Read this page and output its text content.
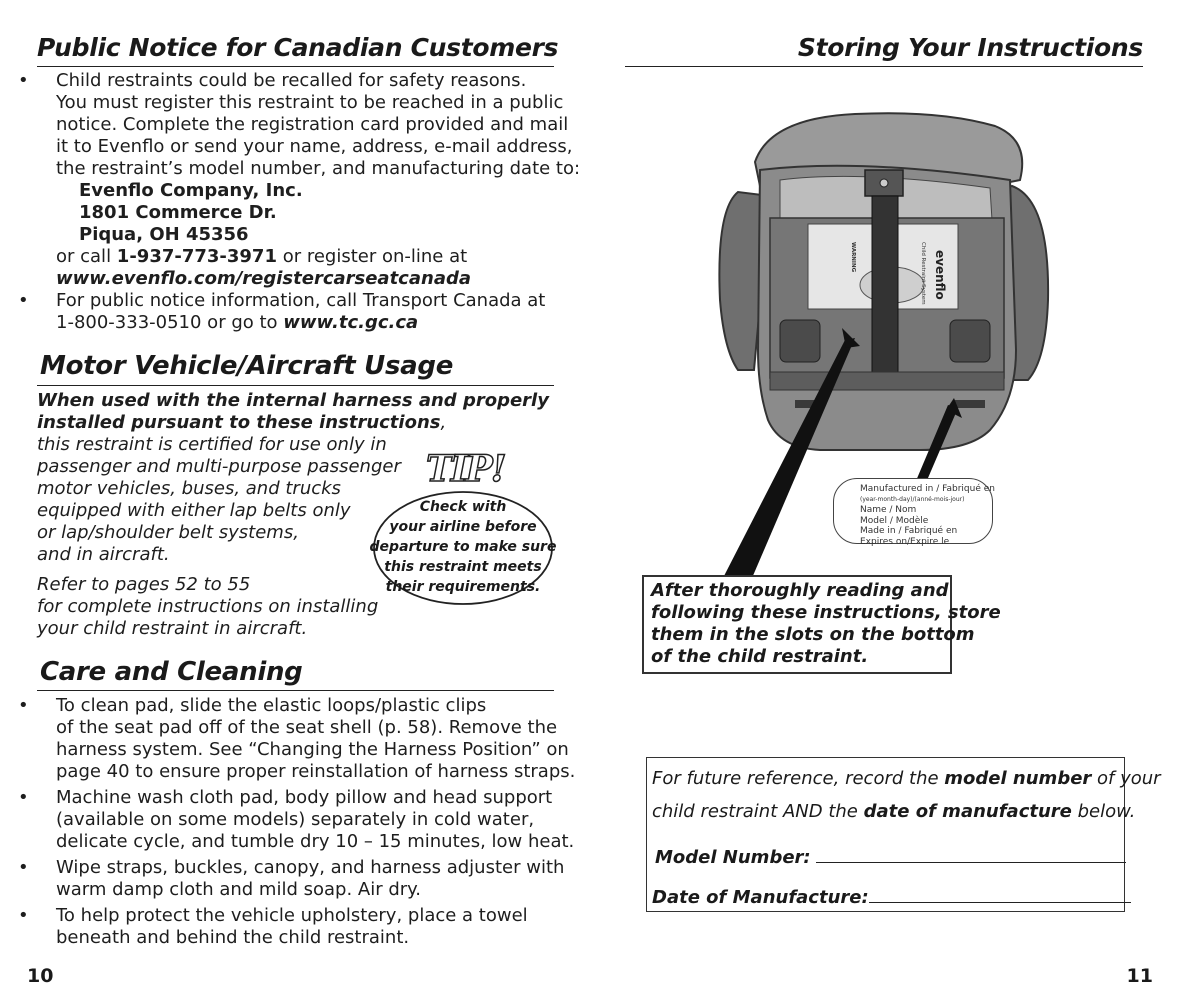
Public Notice for Canadian Customers
• Child restraints could be recalled for safety reasons.
You must register this restraint to be reached in a public
notice. Complete the registration card provided and mail
it to Evenflo or send your name, address, e-mail address,
the restraint’s model number, and manufacturing date to:
Evenflo Company, Inc.
1801 Commerce Dr.
Piqua, OH 45356
or call 1-937-773-3971 or register on-line at
www.evenflo.com/registercarseatcanada
• For public notice information, call Transport Canada at
1-800-333-0510 or go to www.tc.gc.ca
Motor Vehicle/Aircraft Usage
When used with the internal harness and properly
installed pursuant to these instructions,
this restraint is certified for use only in
passenger and multi-purpose passenger
motor vehicles, buses, and trucks
equipped with either lap belts only
or lap/shoulder belt systems,
and in aircraft.
Refer to pages 52 to 55
for complete instructions on installing
your child restraint in aircraft.
TIP!
Check with
your airline before
departure to make sure
this restraint meets
their requirements.
Care and Cleaning
• To clean pad, slide the elastic loops/plastic clips
of the seat pad off of the seat shell (p. 58). Remove the
harness system. See “Changing the Harness Position” on
page 40 to ensure proper reinstallation of harness straps.
• Machine wash cloth pad, body pillow and head support
(available on some models) separately in cold water,
delicate cycle, and tumble dry 10 – 15 minutes, low heat.
• Wipe straps, buckles, canopy, and harness adjuster with
warm damp cloth and mild soap. Air dry.
• To help protect the vehicle upholstery, place a towel
beneath and behind the child restraint.
10
Storing Your Instructions
evenflo
Child Restraint System
WARNING
Manufactured in / Fabriqué en
(year-month-day)/(anné-mois-jour)
Name / Nom
Model / Modèle
Made in / Fabriqué en
Expires on/Expire le
After thoroughly reading and
following these instructions, store
them in the slots on the bottom
of the child restraint.
For future reference, record the model number of your
child restraint AND the date of manufacture below.
Model Number:
Date of Manufacture:
11
